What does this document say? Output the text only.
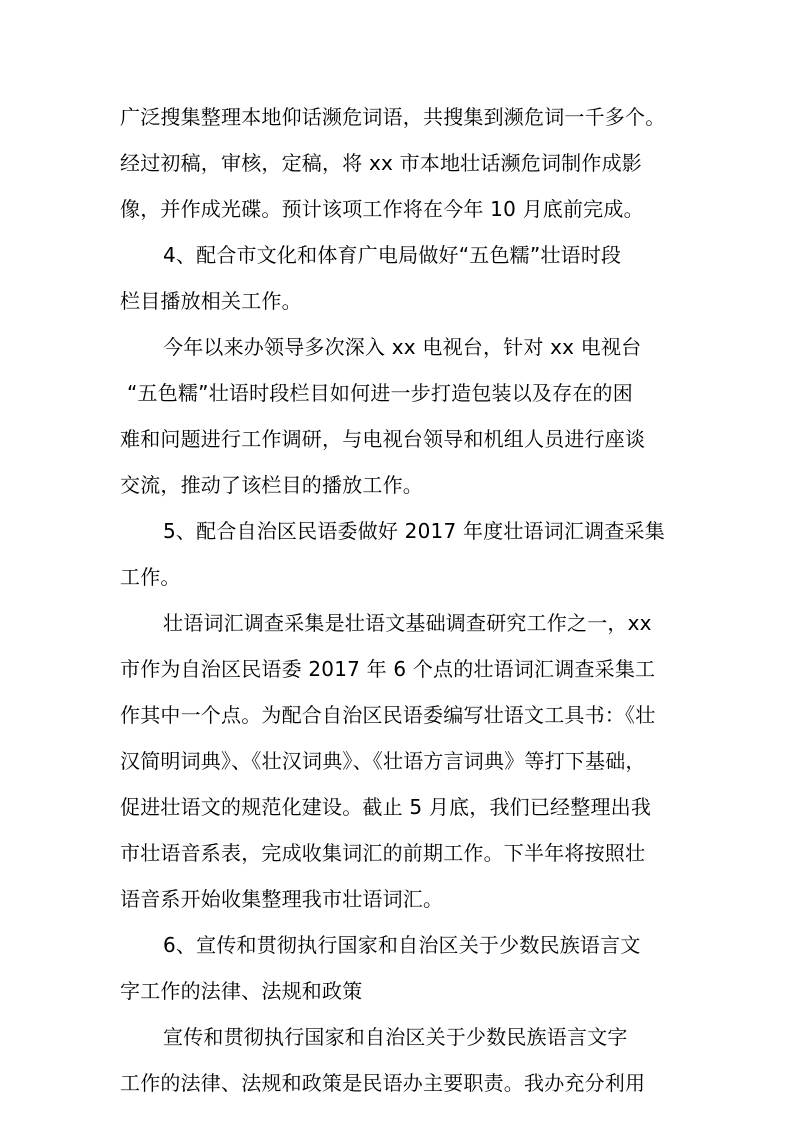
广泛搜集整理本地仰话濒危词语，共搜集到濒危词一千多个。
经过初稿，审核，定稿，将 xx 市本地壮话濒危词制作成影
像，并作成光碟。预计该项工作将在今年 10 月底前完成。
4、配合市文化和体育广电局做好“五色糯”壮语时段
栏目播放相关工作。
今年以来办领导多次深入 xx 电视台，针对 xx 电视台
“五色糯”壮语时段栏目如何进一步打造包装以及存在的困
难和问题进行工作调研，与电视台领导和机组人员进行座谈
交流，推动了该栏目的播放工作。
5、配合自治区民语委做好 2017 年度壮语词汇调查采集
工作。
壮语词汇调查采集是壮语文基础调查研究工作之一，xx
市作为自治区民语委 2017 年 6 个点的壮语词汇调查采集工
作其中一个点。为配合自治区民语委编写壮语文工具书：《壮
汉简明词典》、《壮汉词典》、《壮语方言词典》等打下基础，
促进壮语文的规范化建设。截止 5 月底，我们已经整理出我
市壮语音系表，完成收集词汇的前期工作。下半年将按照壮
语音系开始收集整理我市壮语词汇。
6、宣传和贯彻执行国家和自治区关于少数民族语言文
字工作的法律、法规和政策
宣传和贯彻执行国家和自治区关于少数民族语言文字
工作的法律、法规和政策是民语办主要职责。我办充分利用
